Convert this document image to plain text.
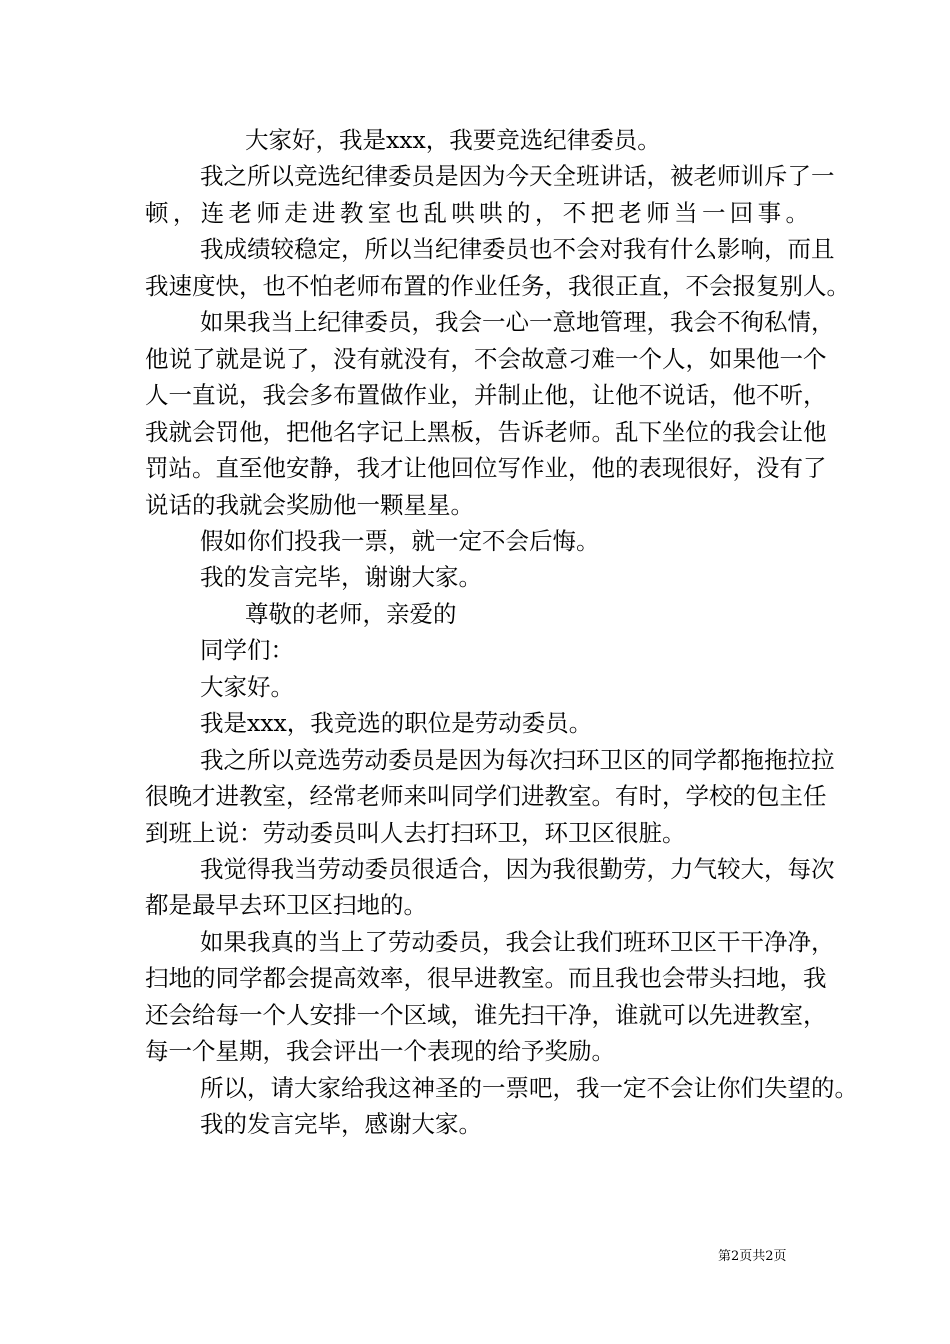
大家好，我是xxx，我要竞选纪律委员。
我之所以竞选纪律委员是因为今天全班讲话，被老师训斥了一
顿，连老师走进教室也乱哄哄的，不把老师当一回事。
我成绩较稳定，所以当纪律委员也不会对我有什么影响，而且
我速度快，也不怕老师布置的作业任务，我很正直，不会报复别人。
如果我当上纪律委员，我会一心一意地管理，我会不徇私情，
他说了就是说了，没有就没有，不会故意刁难一个人，如果他一个
人一直说，我会多布置做作业，并制止他，让他不说话，他不听，
我就会罚他，把他名字记上黑板，告诉老师。乱下坐位的我会让他
罚站。直至他安静，我才让他回位写作业，他的表现很好，没有了
说话的我就会奖励他一颗星星。
假如你们投我一票，就一定不会后悔。
我的发言完毕，谢谢大家。
尊敬的老师，亲爱的
同学们：
大家好。
我是xxx，我竞选的职位是劳动委员。
我之所以竞选劳动委员是因为每次扫环卫区的同学都拖拖拉拉
很晚才进教室，经常老师来叫同学们进教室。有时，学校的包主任
到班上说：劳动委员叫人去打扫环卫，环卫区很脏。
我觉得我当劳动委员很适合，因为我很勤劳，力气较大，每次
都是最早去环卫区扫地的。
如果我真的当上了劳动委员，我会让我们班环卫区干干净净，
扫地的同学都会提高效率，很早进教室。而且我也会带头扫地，我
还会给每一个人安排一个区域，谁先扫干净，谁就可以先进教室，
每一个星期，我会评出一个表现的给予奖励。
所以，请大家给我这神圣的一票吧，我一定不会让你们失望的。
我的发言完毕，感谢大家。
第2页共2页
